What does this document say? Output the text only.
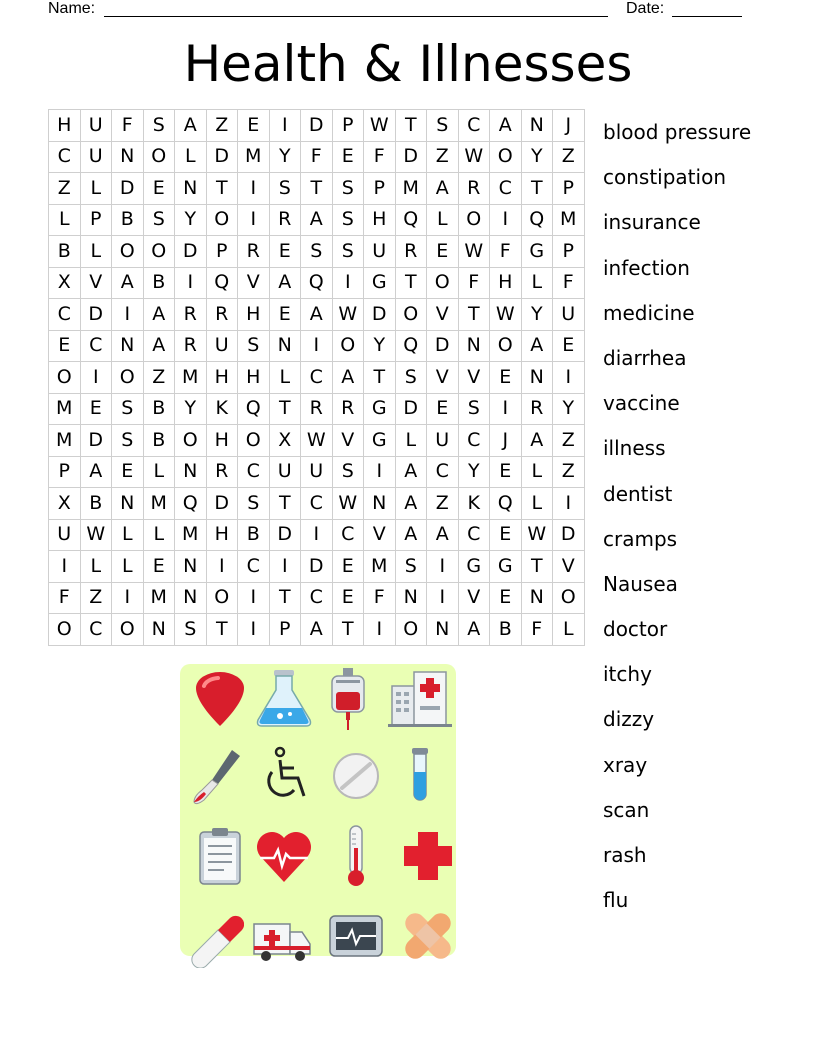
Name:	Date:
Health & Illnesses
H	U	F	S	A	Z	E	I	D	P	W	T	S	C	A	N	J
C	U	N	O	L	D	M	Y	F	E	F	D	Z	W	O	Y	Z
Z	L	D	E	N	T	I	S	T	S	P	M	A	R	C	T	P
L	P	B	S	Y	O	I	R	A	S	H	Q	L	O	I	Q	M
B	L	O	O	D	P	R	E	S	S	U	R	E	W	F	G	P
X	V	A	B	I	Q	V	A	Q	I	G	T	O	F	H	L	F
C	D	I	A	R	R	H	E	A	W	D	O	V	T	W	Y	U
E	C	N	A	R	U	S	N	I	O	Y	Q	D	N	O	A	E
O	I	O	Z	M	H	H	L	C	A	T	S	V	V	E	N	I
M	E	S	B	Y	K	Q	T	R	R	G	D	E	S	I	R	Y
M	D	S	B	O	H	O	X	W	V	G	L	U	C	J	A	Z
P	A	E	L	N	R	C	U	U	S	I	A	C	Y	E	L	Z
X	B	N	M	Q	D	S	T	C	W	N	A	Z	K	Q	L	I
U	W	L	L	M	H	B	D	I	C	V	A	A	C	E	W	D
I	L	L	E	N	I	C	I	D	E	M	S	I	G	G	T	V
F	Z	I	M	N	O	I	T	C	E	F	N	I	V	E	N	O
O	C	O	N	S	T	I	P	A	T	I	O	N	A	B	F	L
blood pressure
constipation
insurance
infection
medicine
diarrhea
vaccine
illness
dentist
cramps
Nausea
doctor
itchy
dizzy
xray
scan
rash
flu
